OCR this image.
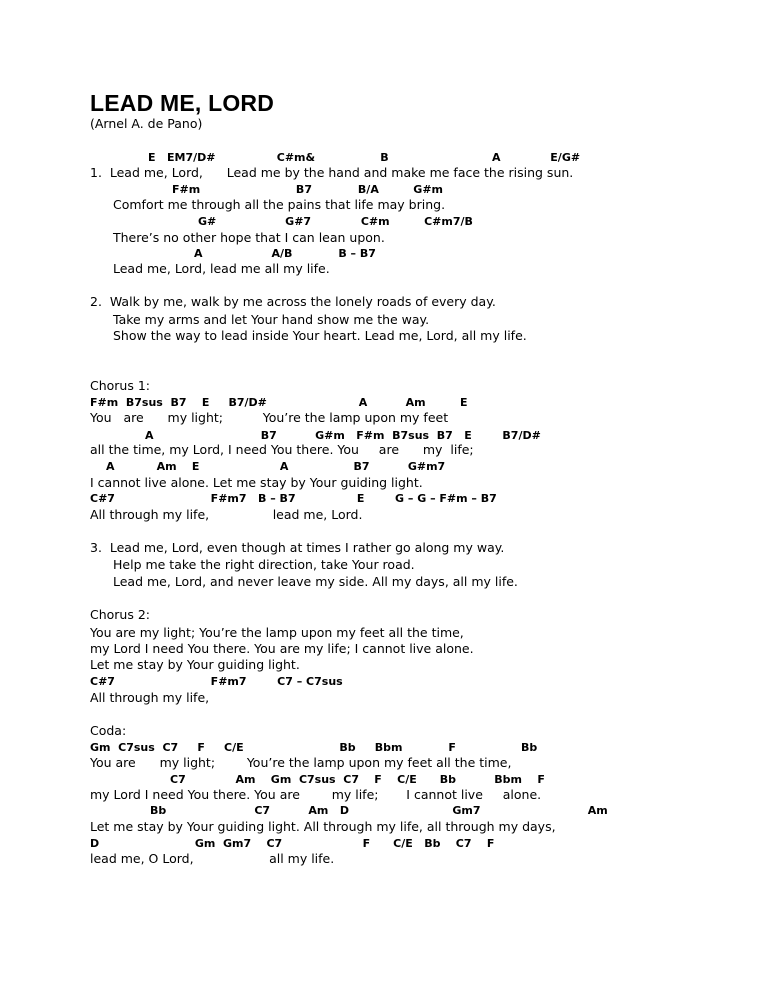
LEAD ME, LORD
(Arnel A. de Pano)
E   EM7/D#                C#m&                 B                           A             E/G#
1.  Lead me, Lord,      Lead me by the hand and make me face the rising sun.
F#m                         B7            B/A         G#m
Comfort me through all the pains that life may bring.
G#                  G#7             C#m         C#m7/B
There’s no other hope that I can lean upon.
A                  A/B            B – B7
Lead me, Lord, lead me all my life.
2.  Walk by me, walk by me across the lonely roads of every day.
Take my arms and let Your hand show me the way.
Show the way to lead inside Your heart. Lead me, Lord, all my life.
Chorus 1:
F#m  B7sus  B7    E     B7/D#                        A          Am         E
You   are      my light;          You’re the lamp upon my feet
A                            B7          G#m   F#m  B7sus  B7   E        B7/D#
all the time, my Lord, I need You there. You     are      my  life;
A           Am    E                     A                 B7          G#m7
I cannot live alone. Let me stay by Your guiding light.
C#7                         F#m7   B – B7                E        G – G – F#m – B7
All through my life,                lead me, Lord.
3.  Lead me, Lord, even though at times I rather go along my way.
Help me take the right direction, take Your road.
Lead me, Lord, and never leave my side. All my days, all my life.
Chorus 2:
You are my light; You’re the lamp upon my feet all the time,
my Lord I need You there. You are my life; I cannot live alone.
Let me stay by Your guiding light.
C#7                         F#m7        C7 – C7sus
All through my life,
Coda:
Gm  C7sus  C7     F     C/E                         Bb     Bbm            F                 Bb
You are      my light;        You’re the lamp upon my feet all the time,
C7             Am    Gm  C7sus  C7    F    C/E      Bb          Bbm    F
my Lord I need You there. You are        my life;       I cannot live     alone.
Bb                       C7          Am   D                           Gm7                            Am
Let me stay by Your guiding light. All through my life, all through my days,
D                         Gm  Gm7    C7                     F      C/E   Bb    C7    F
lead me, O Lord,                   all my life.
